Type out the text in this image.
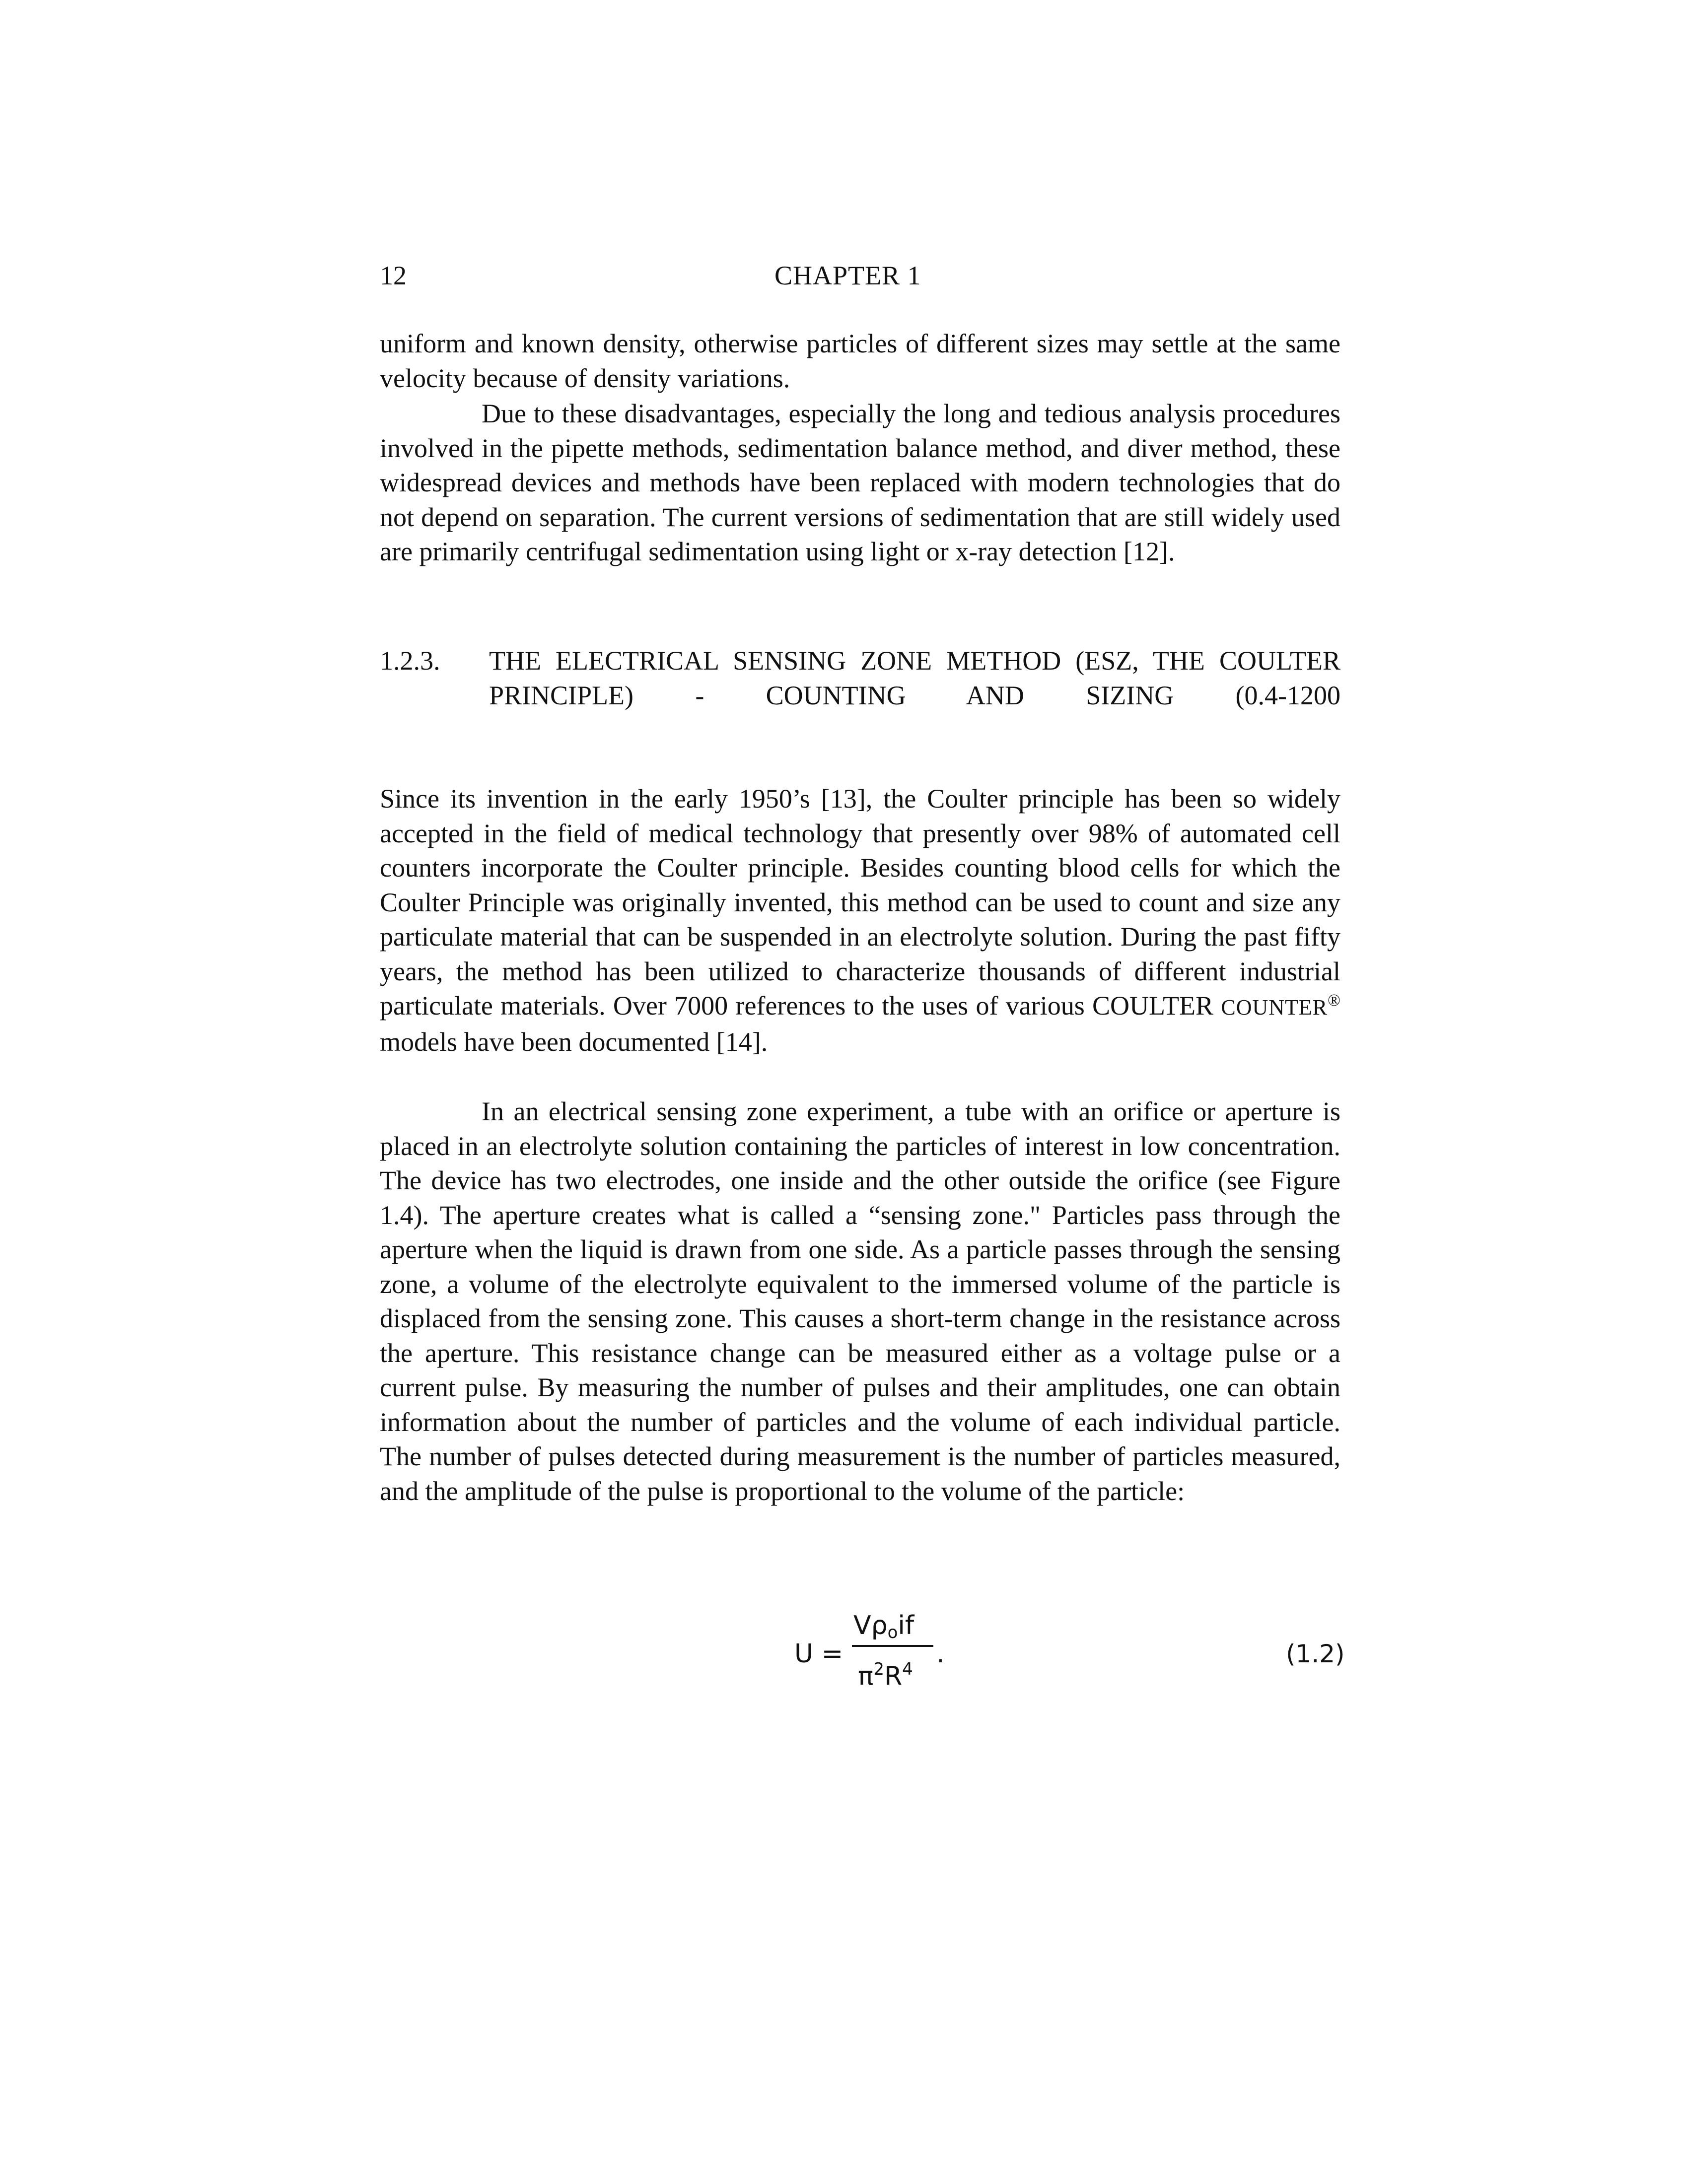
12	CHAPTER 1

uniform and known density, otherwise particles of different sizes may settle at the same velocity because of density variations.

Due to these disadvantages, especially the long and tedious analysis procedures involved in the pipette methods, sedimentation balance method, and diver method, these widespread devices and methods have been replaced with modern technologies that do not depend on separation. The current versions of sedimentation that are still widely used are primarily centrifugal sedimentation using light or x-ray detection [12].

1.2.3.	THE ELECTRICAL SENSING ZONE METHOD (ESZ, THE COULTER PRINCIPLE) - COUNTING AND SIZING (0.4-1200

Since its invention in the early 1950’s [13], the Coulter principle has been so widely accepted in the field of medical technology that presently over 98% of automated cell counters incorporate the Coulter principle. Besides counting blood cells for which the Coulter Principle was originally invented, this method can be used to count and size any particulate material that can be suspended in an electrolyte solution. During the past fifty years, the method has been utilized to characterize thousands of different industrial particulate materials. Over 7000 references to the uses of various COULTER COUNTER® models have been documented [14].

In an electrical sensing zone experiment, a tube with an orifice or aperture is placed in an electrolyte solution containing the particles of interest in low concentration. The device has two electrodes, one inside and the other outside the orifice (see Figure 1.4). The aperture creates what is called a “sensing zone." Particles pass through the aperture when the liquid is drawn from one side. As a particle passes through the sensing zone, a volume of the electrolyte equivalent to the immersed volume of the particle is displaced from the sensing zone. This causes a short-term change in the resistance across the aperture. This resistance change can be measured either as a voltage pulse or a current pulse. By measuring the number of pulses and their amplitudes, one can obtain information about the number of particles and the volume of each individual particle. The number of pulses detected during measurement is the number of particles measured, and the amplitude of the pulse is proportional to the volume of the particle:

U =
$V\rho_oif$
$\pi^2R^4$
.	(1.2)
